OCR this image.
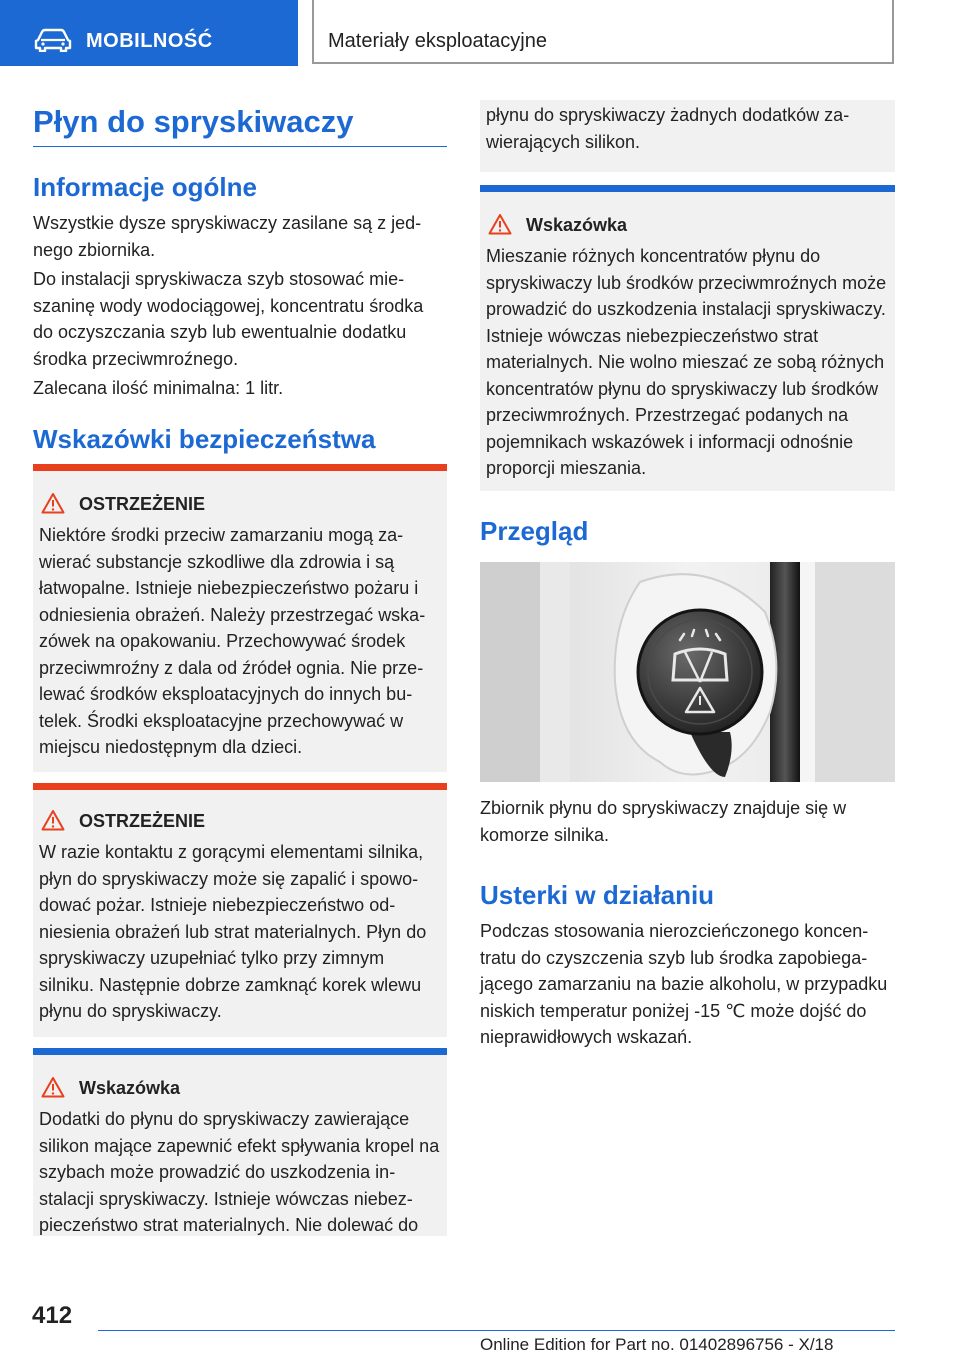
MOBILNOŚĆ	Materiały eksploatacyjne
Płyn do spryskiwaczy
Informacje ogólne

Wszystkie dysze spryskiwaczy zasilane są z jednego zbiornika.

Do instalacji spryskiwacza szyb stosować mieszaninę wody wodociągowej, koncentratu środka do oczyszczania szyb lub ewentualnie dodatku środka przeciwmroźnego.

Zalecana ilość minimalna: 1 litr.

Wskazówki bezpieczeństwa
OSTRZEŻENIE

Niektóre środki przeciw zamarzaniu mogą zawierać substancje szkodliwe dla zdrowia i są łatwopalne. Istnieje niebezpieczeństwo pożaru i odniesienia obrażeń. Należy przestrzegać wskazówek na opakowaniu. Przechowywać środek przeciwmroźny z dala od źródeł ognia. Nie przelewać środków eksploatacyjnych do innych butelek. Środki eksploatacyjne przechowywać w miejscu niedostępnym dla dzieci.

OSTRZEŻENIE

W razie kontaktu z gorącymi elementami silnika, płyn do spryskiwaczy może się zapalić i spowodować pożar. Istnieje niebezpieczeństwo odniesienia obrażeń lub strat materialnych. Płyn do spryskiwaczy uzupełniać tylko przy zimnym silniku. Następnie dobrze zamknąć korek wlewu płynu do spryskiwaczy.

Wskazówka

Dodatki do płynu do spryskiwaczy zawierające silikon mające zapewnić efekt spływania kropel na szybach może prowadzić do uszkodzenia instalacji spryskiwaczy. Istnieje wówczas niebezpieczeństwo strat materialnych. Nie dolewać do

płynu do spryskiwaczy żadnych dodatków zawierających silikon.

Wskazówka

Mieszanie różnych koncentratów płynu do spryskiwaczy lub środków przeciwmroźnych może prowadzić do uszkodzenia instalacji spryskiwaczy. Istnieje wówczas niebezpieczeństwo strat materialnych. Nie wolno mieszać ze sobą różnych koncentratów płynu do spryskiwaczy lub środków przeciwmroźnych. Przestrzegać podanych na pojemnikach wskazówek i informacji odnośnie proporcji mieszania.

Przegląd

Zbiornik płynu do spryskiwaczy znajduje się w komorze silnika.

Usterki w działaniu

Podczas stosowania nierozcieńczonego koncentratu do czyszczenia szyb lub środka zapobiegającego zamarzaniu na bazie alkoholu, w przypadku niskich temperatur poniżej -15 ℃ może dojść do nieprawidłowych wskazań.

412
Online Edition for Part no. 01402896756 - X/18
